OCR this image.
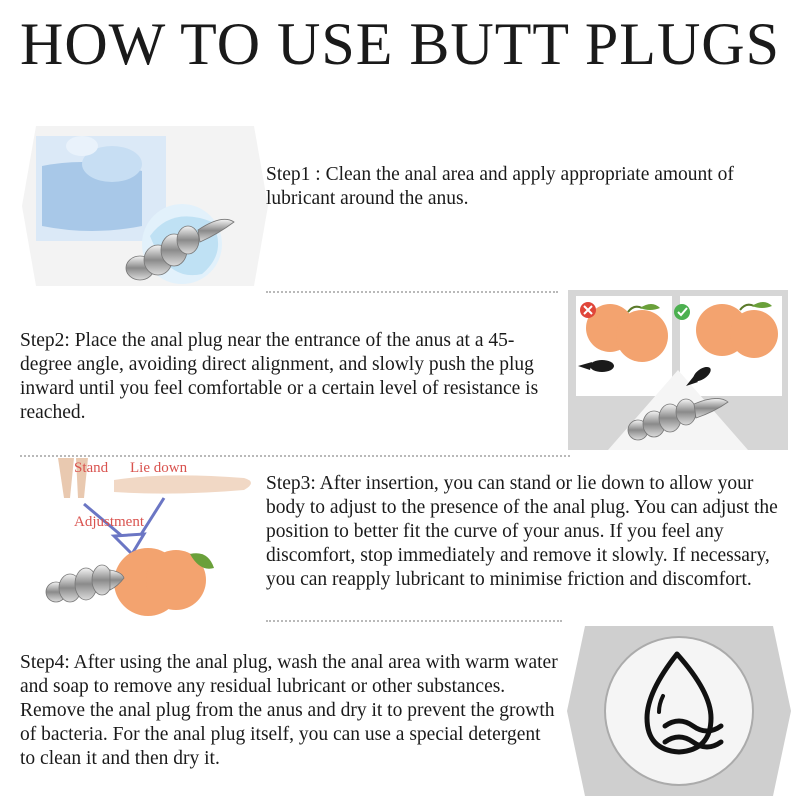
HOW TO USE BUTT PLUGS

Step1 : Clean the anal area and apply appropriate amount of lubricant around the anus.

Step2: Place the anal plug near the entrance of the anus at a 45-degree angle, avoiding direct alignment, and slowly push the plug inward until you feel comfortable or a certain level of resistance is reached.

Stand Lie down
Adjustment

Step3: After insertion, you can stand or lie down to allow your body to adjust to the presence of the anal plug. You can adjust the position to better fit the curve of your anus. If you feel any discomfort, stop immediately and remove it slowly. If necessary, you can reapply lubricant to minimise friction and discomfort.

Step4: After using the anal plug, wash the anal area with warm water and soap to remove any residual lubricant or other substances. Remove the anal plug from the anus and dry it to prevent the growth of bacteria. For the anal plug itself, you can use a special detergent to clean it and then dry it.
